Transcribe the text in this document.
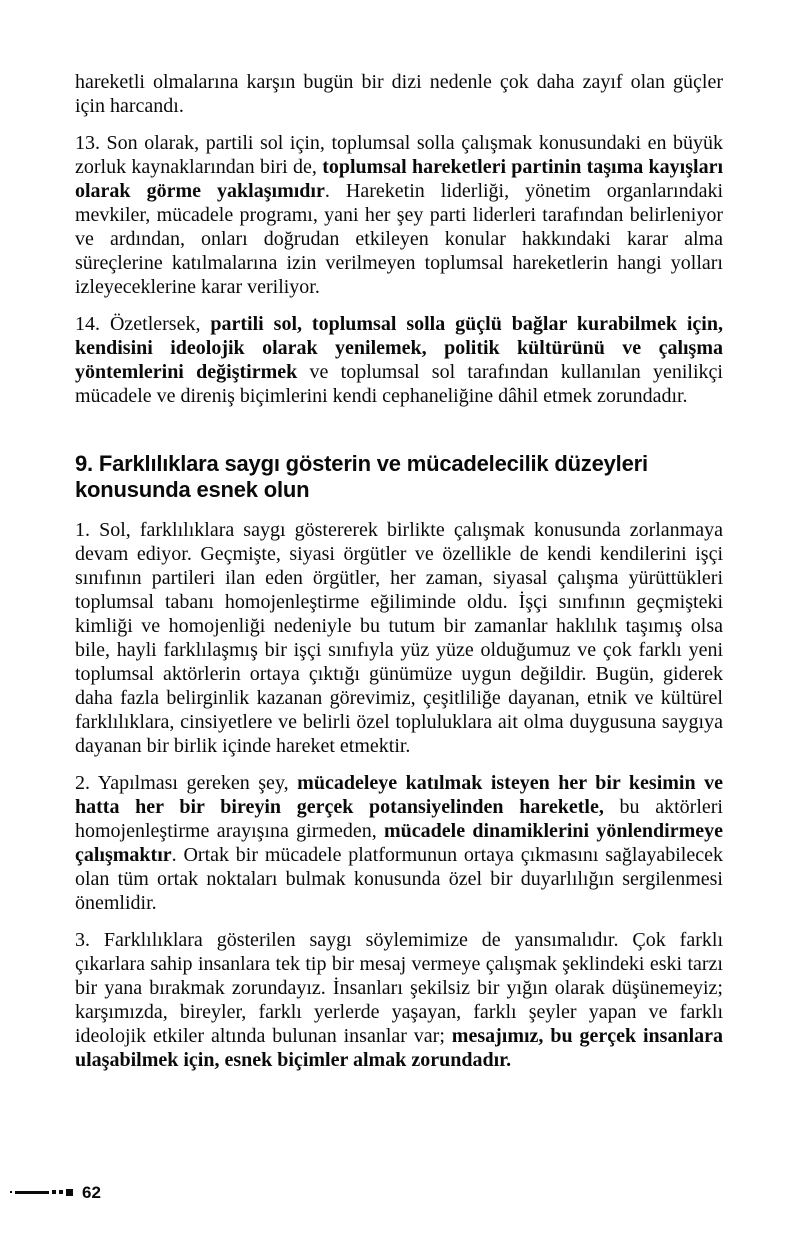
hareketli olmalarına karşın bugün bir dizi nedenle çok daha zayıf olan güçler için harcandı.

13. Son olarak, partili sol için, toplumsal solla çalışmak konusundaki en büyük zorluk kaynaklarından biri de, toplumsal hareketleri partinin taşıma kayışları olarak görme yaklaşımıdır. Hareketin liderliği, yönetim organlarındaki mevkiler, mücadele programı, yani her şey parti liderleri tarafından belirleniyor ve ardından, onları doğrudan etkileyen konular hakkındaki karar alma süreçlerine katılmalarına izin verilmeyen toplumsal hareketlerin hangi yolları izleyeceklerine karar veriliyor.

14. Özetlersek, partili sol, toplumsal solla güçlü bağlar kurabilmek için, kendisini ideolojik olarak yenilemek, politik kültürünü ve çalışma yöntemlerini değiştirmek ve toplumsal sol tarafından kullanılan yenilikçi mücadele ve direniş biçimlerini kendi cephaneliğine dâhil etmek zorundadır.

9. Farklılıklara saygı gösterin ve mücadelecilik düzeyleri konusunda esnek olun

1. Sol, farklılıklara saygı göstererek birlikte çalışmak konusunda zorlanmaya devam ediyor. Geçmişte, siyasi örgütler ve özellikle de kendi kendilerini işçi sınıfının partileri ilan eden örgütler, her zaman, siyasal çalışma yürüttükleri toplumsal tabanı homojenleştirme eğiliminde oldu. İşçi sınıfının geçmişteki kimliği ve homojenliği nedeniyle bu tutum bir zamanlar haklılık taşımış olsa bile, hayli farklılaşmış bir işçi sınıfıyla yüz yüze olduğumuz ve çok farklı yeni toplumsal aktörlerin ortaya çıktığı günümüze uygun değildir. Bugün, giderek daha fazla belirginlik kazanan görevimiz, çeşitliliğe dayanan, etnik ve kültürel farklılıklara, cinsiyetlere ve belirli özel topluluklara ait olma duygusuna saygıya dayanan bir birlik içinde hareket etmektir.

2. Yapılması gereken şey, mücadeleye katılmak isteyen her bir kesimin ve hatta her bir bireyin gerçek potansiyelinden hareketle, bu aktörleri homojenleştirme arayışına girmeden, mücadele dinamiklerini yönlendirmeye çalışmaktır. Ortak bir mücadele platformunun ortaya çıkmasını sağlayabilecek olan tüm ortak noktaları bulmak konusunda özel bir duyarlılığın sergilenmesi önemlidir.

3. Farklılıklara gösterilen saygı söylemimize de yansımalıdır. Çok farklı çıkarlara sahip insanlara tek tip bir mesaj vermeye çalışmak şeklindeki eski tarzı bir yana bırakmak zorundayız. İnsanları şekilsiz bir yığın olarak düşünemeyiz; karşımızda, bireyler, farklı yerlerde yaşayan, farklı şeyler yapan ve farklı ideolojik etkiler altında bulunan insanlar var; mesajımız, bu gerçek insanlara ulaşabilmek için, esnek biçimler almak zorundadır.

62
